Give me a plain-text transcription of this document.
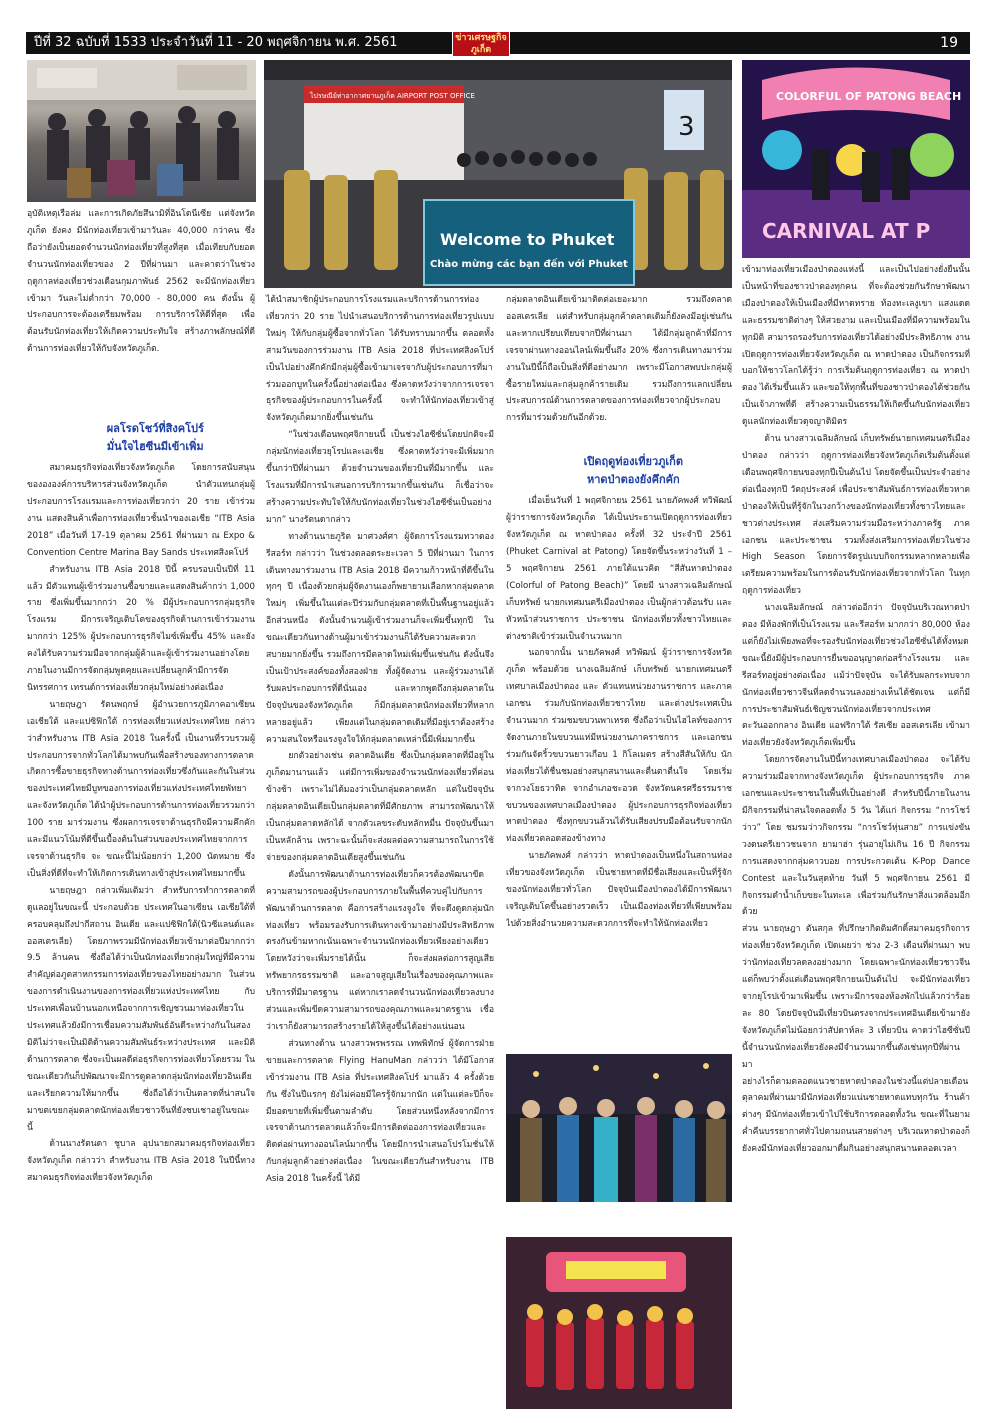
ปีที่ 32 ฉบับที่ 1533 ประจำวันที่ 11 - 20 พฤศจิกายน พ.ศ. 2561	ข่าวเศรษฐกิจ ภูเก็ต	19
ไปรษณีย์ท่าอากาศยานภูเก็ต AIRPORT POST OFFICE
3
Welcome to Phuket
Chào mừng các bạn đến với Phuket
COLORFUL OF PATONG BEACH
CARNIVAL AT P

อุบัติเหตุเรือล่ม และการเกิดภัยสึนามิที่อินโดนีเซีย แต่จังหวัดภูเก็ต ยังคง มีนักท่องเที่ยวเข้ามาวันละ 40,000 กว่าคน ซึ่งถือว่ายังเป็นยอดจำนวนนักท่องเที่ยวที่สูงที่สุด เมื่อเทียบกับยอดจำนวนนักท่องเที่ยวของ 2 ปีที่ผ่านมา และคาดว่าในช่วงฤดูกาลท่องเที่ยวช่วงเดือนกุมภาพันธ์ 2562 จะมีนักท่องเที่ยวเข้ามา วันละไม่ต่ำกว่า 70,000 - 80,000 คน ดังนั้น ผู้ประกอบการจะต้องเตรียมพร้อม การบริการให้ดีที่สุด เพื่อ ต้อนรับนักท่องเที่ยวให้เกิดความประทับใจ สร้างภาพลักษณ์ที่ดีด้านการท่องเที่ยวให้กับจังหวัดภูเก็ต.

ผลโรดโชว์ที่สิงคโปร์

มั่นใจไฮซีนมีเข้าเพิ่ม

สมาคมธุรกิจท่องเที่ยวจังหวัดภูเก็ต โดยการสนับสนุนของององค์การบริหารส่วนจังหวัดภูเก็ต นำตัวแทนกลุ่มผู้ประกอบการโรงแรมและการท่องเที่ยวกว่า 20 ราย เข้าร่วมงาน แสดงสินค้าเพื่อการท่องเที่ยวชั้นนำของเอเชีย “ITB Asia 2018” เมื่อวันที่ 17-19 ตุลาคม 2561 ที่ผ่านมา ณ Expo & Convention Centre Marina Bay Sands ประเทศสิงคโปร์

สำหรับงาน ITB Asia 2018 ปีนี้ ครบรอบเป็นปีที่ 11 แล้ว มีตัวแทนผู้เข้าร่วมงานซื้อขายและแสดงสินค้ากว่า 1,000 ราย ซึ่งเพิ่มขึ้นมากกว่า 20 % มีผู้ประกอบการกลุ่มธุรกิจโรงแรม มีการเจริญเติบโตของธุรกิจด้านการเข้าร่วมงานมากกว่า 125% ผู้ประกอบการธุรกิจไมซ์เพิ่มขึ้น 45% และยังคงได้รับความร่วมมือจากกลุ่มผู้ค้าและผู้เข้าร่วมงานอย่างโดยภายในงานมีการจัดกลุ่มพูดคุยและเปลี่ยนลูกค้ามีการจัดนิทรรศการ เทรนด์การท่องเที่ยวกลุ่มใหม่อย่างต่อเนื่อง

นายฤษฎา รัตนพฤกษ์ ผู้อำนวยการภูมิภาคอาเซียน เอเชียใต้ และแปซิฟิกใต้ การท่องเที่ยวแห่งประเทศไทย กล่าวว่าสำหรับงาน ITB Asia 2018 ในครั้งนี้ เป็นงานที่รวบรวมผู้ประกอบการจากทั่วโลกได้มาพบกันเพื่อสร้างของทางการตลาด เกิดการซื้อขายธุรกิจทางด้านการท่องเที่ยวซึ่งกันและกันในส่วนของประเทศไทยมีบูทของการท่องเที่ยวแห่งประเทศไทยพัทยา และจังหวัดภูเก็ต ได้นำผู้ประกอบการด้านการท่องเที่ยวรวมกว่า 100 ราย มาร่วมงาน ซึ่งผลการเจรจาด้านธุรกิจมีความคึกคักและมีแนวโน้มที่ดีขึ้นเบื้องต้นในส่วนของประเทศไทยจากการเจรจาด้านธุรกิจ จะ ขณะนี้ไม่น้อยกว่า 1,200 นัดหมาย ซึ่งเป็นสิ่งที่ดีที่จะทำให้เกิดการเดินทางเข้าสู่ประเทศไทยมากขึ้น

นายฤษฎา กล่าวเพิ่มเติมว่า สำหรับการทำการตลาดที่ดูแลอยู่ในขณะนี้ ประกอบด้วย ประเทศในอาเซียน เอเชียใต้ที่ครอบคลุมถึงปากีสถาน อินเดีย และแปซิฟิกใต้(นิวซีแลนด์และออสเตรเลีย) โดยภาพรวมมีนักท่องเที่ยวเข้ามาต่อปีมากกว่า 9.5 ล้านคน ซึ่งถือได้ว่าเป็นนักท่องเที่ยวกลุ่มใหญ่ที่มีความสำคัญต่อภูตสาหกรรมการท่องเที่ยวของไทยอย่างมาก ในส่วนของการดำเนินงานของการท่องเที่ยวแห่งประเทศไทย กับประเทศเพื่อนบ้านนอกเหนือจากการเชิญชวนมาท่องเที่ยวในประเทศแล้วยังมีการเชื่อมความสัมพันธ์อันดีระหว่างกันในสองมิติไม่ว่าจะเป็นมิติด้านความสัมพันธ์ระหว่างประเทศ และมิติด้านการตลาด ซึ่งจะเป็นผลดีต่อธุรกิจการท่องเที่ยวโดยรวม ในขณะเดียวกันก็ปพัฒนาจะมีการดูตลาดกลุ่มนักท่องเที่ยวอินเดีย และเรียกความให้มากขึ้น ซึ่งถือได้ว่าเป็นตลาดที่น่าสนใจ มาขตเขยกลุ่มตลาดนักท่องเที่ยวชาวจีนที่ยังชบเชาอยู่ในขณะนี้

ด้านนางรัตนดา ชูบาล อุปนายกสมาคมธุรกิจท่องเที่ยวจังหวัดภูเก็ต กล่าวว่า สำหรับงาน ITB Asia 2018 ในปีนี้ทางสมาคมธุรกิจท่องเที่ยวจังหวัดภูเก็ต

ได้นำสมาชิกผู้ประกอบการโรงแรมและบริการด้านการท่องเที่ยวกว่า 20 ราย ไปนำเสนอบริการด้านการท่องเที่ยวรูปแบบใหม่ๆ ให้กับกลุ่มผู้ซื้อจากทั่วโลก ได้รับทราบมากขึ้น ตลอดทั้งสามวันของการร่วมงาน ITB Asia 2018 ที่ประเทศสิงคโปร์ เป็นไปอย่างคึกคักมีกลุ่มผู้ซื้อเข้ามาเจรจากับผู้ประกอบการที่มาร่วมออกบูทในครั้งนี้อย่างต่อเนื่อง ซึ่งคาดหวังว่าจากการเจรจาธุรกิจของผู้ประกอบการในครั้งนี้ จะทำให้นักท่องเที่ยวเข้าสู่จังหวัดภูเก็ตมากยิ่งขึ้นเช่นกัน

“ในช่วงเดือนพฤศจิกายนนี้ เป็นช่วงไฮซีซั่นโดยปกติจะมีกลุ่มนักท่องเที่ยวยุโรปและเอเชีย ซึ่งคาดหวังว่าจะมีเพิ่มมากขึ้นกว่าปีที่ผ่านมา ด้วยจำนวนของเที่ยวบินที่มีมากขึ้น และโรงแรมที่มีการนำเสนอการบริการมากขึ้นเช่นกัน ก็เชื่อว่าจะสร้างความประทับใจให้กับนักท่องเที่ยวในช่วงไฮซีซั่นเป็นอย่างมาก” นางรัตนดากล่าว

ทางด้านนายภูริต มาศวงศ์ศา ผู้จัดการโรงแรมทวาดองรีสอร์ท กล่าวว่า ในช่วงตลอดระยะเวลา 5 ปีที่ผ่านมา ในการเดินทางมาร่วมงาน ITB Asia 2018 มีความก้าวหน้าที่ดีขึ้นในทุกๆ ปี เนื่องด้วยกลุ่มผู้จัดงานเองก็พยายามเลือกหากลุ่มตลาดใหม่ๆ เพิ่มขึ้นในแต่ละปีร่วมกับกลุ่มตลาดที่เป็นพื้นฐานอยู่แล้วอีกส่วนหนึ่ง ดังนั้นจำนวนผู้เข้าร่วมงานก็จะเพิ่มขึ้นทุกปี ในขณะเดียวกันทางด้านผู้มาเข้าร่วมงานก็ได้รับความสะดวกสบายมากยิ่งขึ้น รวมถึงการมีตลาดใหม่เพิ่มขึ้นเช่นกัน ดังนั้นจึงเป็นเป้าประสงค์ของทั้งสองฝ่าย ทั้งผู้จัดงาน และผู้ร่วมงานได้รับผลประกอบการที่ดีนั่นเอง และหากพูดถึงกลุ่มตลาดในปัจจุบันของจังหวัดภูเก็ต ก็มีกลุ่มตลาดนักท่องเที่ยวที่หลากหลายอยู่แล้ว เพียงแต่ในกลุ่มตลาดเดิมที่มีอยู่เราต้องสร้างความสนใจหรือแรงจูงใจให้กลุ่มตลาดเหล่านี้มีเพิ่มมากขึ้น

ยกตัวอย่างเช่น ตลาดอินเดีย ซึ่งเป็นกลุ่มตลาดที่มีอยู่ในภูเก็ตมานานแล้ว แต่มีการเพิ่มของจำนวนนักท่องเที่ยวที่ค่อนข้างช้า เพราะไม่ได้มองว่าเป็นกลุ่มตลาดหลัก แต่ในปัจจุบันกลุ่มตลาดอินเดียเป็นกลุ่มตลาดที่มีศักยภาพ สามารถพัฒนาให้เป็นกลุ่มตลาดหลักได้ จากตัวเลขระดับหลักหมื่น ปัจจุบันขึ้นมาเป็นหลักล้าน เพราะฉะนั้นก็จะส่งผลต่อความสามารถในการใช้จ่ายของกลุ่มตลาดอินเดียสูงขึ้นเช่นกัน

ดังนั้นการพัฒนาด้านการท่องเที่ยวก็ควรต้องพัฒนาขีดความสามารถของผู้ประกอบการภายในพื้นที่ควบคู่ไปกับการพัฒนาด้านการตลาด คือการสร้างแรงจูงใจ ที่จะดึงดูดกลุ่มนักท่องเที่ยว พร้อมรองรับการเดินทางเข้ามาอย่างมีประสิทธิภาพ ตรงกันข้ามหากเน้นเฉพาะจำนวนนักท่องเที่ยวเพียงอย่างเดียวโดยหวังว่าจะเพิ่มรายได้นั้น ก็จะส่งผลต่อการสูญเสียทรัพยากรธรรมชาติ และอาจสูญเสียในเรื่องของคุณภาพและบริการที่มีมาตรฐาน แต่หากเราลดจำนวนนักท่องเที่ยวลงบางส่วนและเพิ่มขีดความสามารถของคุณภาพและมาตรฐาน เชื่อว่าเราก็ยังสามารถสร้างรายได้ให้สูงขึ้นได้อย่างแน่นอน

ส่วนทางด้าน นางสาวพรพรรณ เทพพิทักษ์ ผู้จัดการฝ่ายขายและการตลาด Flying HanuMan กล่าวว่า ได้มีโอกาสเข้าร่วมงาน ITB Asia ที่ประเทศสิงคโปร์ มาแล้ว 4 ครั้งด้วยกัน ซึ่งในปีแรกๆ ยังไม่ค่อยมีใครรู้จักมากนัก แต่ในแต่ละปีก็จะมียอดขายที่เพิ่มขึ้นตามลำดับ โดยส่วนหนึ่งหลังจากมีการเจรจาด้านการตลาดแล้วก็จะมีการติดต่อองการท่องเที่ยวและติดต่อผ่านทางออนไลน์มากขึ้น โดยมีการนำเสนอโปรโมชั่นให้กับกลุ่มลูกค้าอย่างต่อเนื่อง ในขณะเดียวกันสำหรับงาน ITB Asia 2018 ในครั้งนี้ ได้มี

กลุ่มตลาดอินเดียเข้ามาติดต่อเยอะมาก รวมถึงตลาดออสเตรเลีย แต่สำหรับกลุ่มลูกค้าตลาดเดิมก็ยังคงมีอยู่เช่นกัน และหากเปรียบเทียบจากปีที่ผ่านมา ได้มีกลุ่มลูกค้าที่มีการเจรจาผ่านทางออนไลน์เพิ่มขึ้นถึง 20% ซึ่งการเดินทางมาร่วมงานในปีนี้ก็ถือเป็นสิ่งที่ดีอย่างมาก เพราะมีโอกาสพบปะกลุ่มผู้ซื้อรายใหม่และกลุ่มลูกค้ารายเดิม รวมถึงการแลกเปลี่ยนประสบการณ์ด้านการตลาดของการท่องเที่ยวจากผู้ประกอบการที่มาร่วมด้วยกันอีกด้วย.

เปิดฤดูท่องเที่ยวภูเก็ต

หาดป่าตองยังคึกคัก

เมื่อเย็นวันที่ 1 พฤศจิกายน 2561 นายภัคพงศ์ ทวิพัฒน์ ผู้ว่าราชการจังหวัดภูเก็ต ได้เป็นประธานเปิดฤดูการท่องเที่ยวจังหวัดภูเก็ต ณ หาดป่าตอง ครั้งที่ 32 ประจำปี 2561 (Phuket Carnival at Patong) โดยจัดขึ้นระหว่างวันที่ 1 – 5 พฤศจิกายน 2561 ภายใต้แนวคิด “สีสันหาดป่าตอง (Colorful of Patong Beach)” โดยมี นางสาวเฉลิมลักษณ์ เก็บทรัพย์ นายกเทศมนตรีเมืองป่าตอง เป็นผู้กล่าวต้อนรับ และหัวหน้าส่วนราชการ ประชาชน นักท่องเที่ยวทั้งชาวไทยและต่างชาติเข้าร่วมเป็นจำนวนมาก

นอกจากนั้น นายภัคพงศ์ ทวิพัฒน์ ผู้ว่าราชการจังหวัดภูเก็ต พร้อมด้วย นางเฉลิมลักษ์ เก็บทรัพย์ นายกเทศมนตรีเทศบาลเมืองป่าตอง และ ตัวแทนหน่วยงานราชการ และภาคเอกชน ร่วมกับนักท่องเที่ยวชาวไทย และต่างประเทศเป็นจำนวนมาก ร่วมชมขบวนพาเหรด ซึ่งถือว่าเป็นไฮไลท์ของการจัดงานภายในขบวนแห่มีหน่วยงานภาคราชการ และเอกชน ร่วมกันจัดริ้วขบวนยาวเกือบ 1 กิโลเมตร สร้างสีสันให้กับ นักท่องเที่ยวได้ชื่นชมอย่างสนุกสนานและตื่นตาตื่นใจ โดยเริ่มจากวงโยธวาทิต จากอำเภอชะอวด จังหวัดนครศรีธรรมราช ขบวนของเทศบาลเมืองป่าตอง ผู้ประกอบการธุรกิจท่องเที่ยวหาดป่าตอง ซึ่งทุกขบวนล้วนได้รับเสียงปรบมือต้อนรับจากนักท่องเที่ยวตลอดสองข้างทาง

นายภัคพงศ์ กล่าวว่า หาดป่าตองเป็นหนึ่งในสถานท่องเที่ยวของจังหวัดภูเก็ต เป็นชายหาดที่มีชื่อเสียงและเป็นที่รู้จักของนักท่องเที่ยวทั่วโลก ปัจจุบันเมืองป่าตองได้มีการพัฒนาเจริญเติบโตขึ้นอย่างรวดเร็ว เป็นเมืองท่องเที่ยวที่เพียบพร้อมไปด้วยสิ่งอำนวยความสะดวกการที่จะทำให้นักท่องเที่ยว

เข้ามาท่องเที่ยวเมืองป่าตองแห่งนี้ และเป็นไปอย่างยั่งยืนนั้น เป็นหน้าที่ของชาวป่าตองทุกคน ที่จะต้องช่วยกันรักษาพัฒนาเมืองป่าตองให้เป็นเมืองที่มีหาดทราย ท้องทะเลงูเขา แสงแดด และธรรมชาติต่างๆ ให้สวยงาม และเป็นเมืองที่มีความพร้อมในทุกมิติ สามารถรองรับการท่องเที่ยวได้อย่างมีประสิทธิภาพ งานเปิดฤดูการท่องเที่ยวจังหวัดภูเก็ต ณ หาดป่าตอง เป็นกิจกรรมที่บอกให้ชาวโลกได้รู้ว่า การเริ่มต้นฤดูการท่องเที่ยว ณ หาดป่าตอง ได้เริ่มขึ้นแล้ว และขอให้ทุกพื้นที่ของชาวป่าตองได้ช่วยกันเป็นเจ้าภาพที่ดี สร้างความเป็นธรรมให้เกิดขึ้นกับนักท่องเที่ยว ดูแลนักท่องเที่ยวดุจญาติมิตร

ด้าน นางสาวเฉลิมลักษณ์ เก็บทรัพย์นายกเทศมนตรีเมืองป่าตอง กล่าวว่า ฤดูการท่องเที่ยวจังหวัดภูเก็ตเริ่มต้นตั้งแต่เดือนพฤศจิกายนของทุกปีเป็นต้นไป โดยจัดขึ้นเป็นประจำอย่างต่อเนื่องทุกปี วัตถุประสงค์ เพื่อประชาสัมพันธ์การท่องเที่ยวหาดป่าตองให้เป็นที่รู้จักในวงกว้างของนักท่องเที่ยวทั้งชาวไทยและชาวต่างประเทศ ส่งเสริมความร่วมมือระหว่างภาครัฐ ภาคเอกชน และประชาชน รวมทั้งส่งเสริมการท่องเที่ยวในช่วง High Season โดยการจัดรูปแบบกิจกรรมหลากหลายเพื่อเตรียมความพร้อมในการต้อนรับนักท่องเที่ยวจากทั่วโลก ในทุกฤดูการท่องเที่ยว

นางเฉลิมลักษณ์ กล่าวต่ออีกว่า ปัจจุบันบริเวณหาดป่าตอง มีห้องพักที่เป็นโรงแรม และรีสอร์ท มากกว่า 80,000 ห้อง แต่ก็ยังไม่เพียงพอที่จะรองรับนักท่องเที่ยวช่วงไฮซีซั่นได้ทั้งหมด ขณะนี้ยังมีผู้ประกอบการยื่นขออนุญาตก่อสร้างโรงแรม และรีสอร์ทอยู่อย่างต่อเนื่อง แม้ว่าปัจจุบัน จะได้รับผลกระทบจากนักท่องเที่ยวชาวจีนที่ลดจำนวนลงอย่างเห็นได้ชัดเจน แต่ก็มีการประชาสัมพันธ์เชิญชวนนักท่องเที่ยวจากประเทศตะวันออกกลาง อินเดีย แอฟริกาใต้ รัสเซีย ออสเตรเลีย เข้ามาท่องเที่ยวยังจังหวัดภูเก็ตเพิ่มขึ้น

โดยการจัดงานในปีนี้ทางเทศบาลเมืองป่าตอง จะได้รับความร่วมมือจากทางจังหวัดภูเก็ต ผู้ประกอบการธุรกิจ ภาคเอกชนและประชาชนในพื้นที่เป็นอย่างดี สำหรับปีนี้ภายในงานมีกิจกรรมที่น่าสนใจตลอดทั้ง 5 วัน ได้แก่ กิจกรรม “การโชว์ว่าว” โดย ชมรมว่าวกิจกรรม “การโชว์หุ่นสาย” การแข่งขันวงดนตรีเยาวชนจาก ยามาฮ่า รุ่นอายุไม่เกิน 16 ปี กิจกรรมการแสดงจากกลุ่มคาวบอย การประกวดเต้น K-Pop Dance Contest และในวันสุดท้าย วันที่ 5 พฤศจิกายน 2561 มีกิจกรรมดำน้ำเก็บขยะในทะเล เพื่อร่วมกันรักษาสิ่งแวดล้อมอีกด้วย

ส่วน นายฤษฎา ตันสกุล ที่ปรึกษากิตติมศักดิ์สมาคมธุรกิจการท่องเที่ยวจังหวัดภูเก็ต เปิดเผยว่า ช่วง 2-3 เดือนที่ผ่านมา พบว่านักท่องเที่ยวลดลงอย่างมาก โดยเฉพาะนักท่องเที่ยวชาวจีน แต่ก็พบว่าตั้งแต่เดือนพฤศจิกายนเป็นต้นไป จะมีนักท่องเที่ยวจากยุโรปเข้ามาเพิ่มขึ้น เพราะมีการจองห้องพักไปแล้วกว่าร้อยละ 80 โดยปัจจุบันมีเที่ยวบินตรงจากประเทศอินเดียเข้ามายังจังหวัดภูเก็ตไม่น้อยกว่าสัปดาห์ละ 3 เที่ยวบิน คาดว่าไฮซีซั่นปีนี้จำนวนนักท่องเที่ยวยังคงมีจำนวนมากขึ้นดังเช่นทุกปีที่ผ่านมา

อย่างไรก็ตามตลอดแนวชายหาดป่าตองในช่วงนี้แต่ปลายเดือนตุลาคมที่ผ่านมามีนักท่องเที่ยวแน่นชายหาดแทบทุกวัน ร้านค้าต่างๆ มีนักท่องเที่ยวเข้าไปใช้บริการตลอดทั้งวัน ขณะที่ในยามค่ำคืนบรรยากาศทั่วไปตามถนนสายต่างๆ บริเวณหาดป่าตองก็ยังคงมีนักท่องเที่ยวออกมาดื่มกินอย่างสนุกสนานตลอดเวลา
